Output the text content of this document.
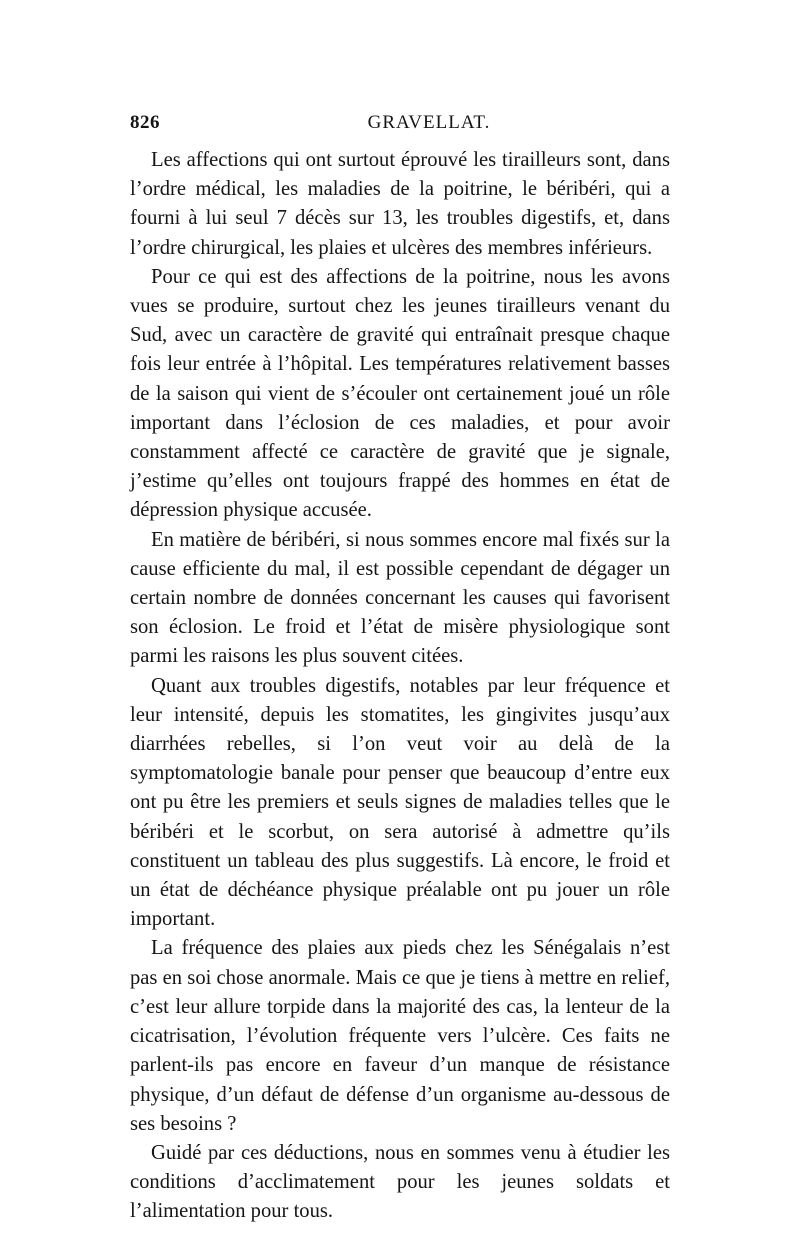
826	GRAVELLAT.

Les affections qui ont surtout éprouvé les tirailleurs sont, dans l’ordre médical, les maladies de la poitrine, le béribéri, qui a fourni à lui seul 7 décès sur 13, les troubles digestifs, et, dans l’ordre chirurgical, les plaies et ulcères des membres inférieurs.

Pour ce qui est des affections de la poitrine, nous les avons vues se produire, surtout chez les jeunes tirailleurs venant du Sud, avec un caractère de gravité qui entraînait presque chaque fois leur entrée à l’hôpital. Les températures relativement basses de la saison qui vient de s’écouler ont certainement joué un rôle important dans l’éclosion de ces maladies, et pour avoir constamment affecté ce caractère de gravité que je signale, j’estime qu’elles ont toujours frappé des hommes en état de dépression physique accusée.

En matière de béribéri, si nous sommes encore mal fixés sur la cause efficiente du mal, il est possible cependant de dégager un certain nombre de données concernant les causes qui favorisent son éclosion. Le froid et l’état de misère physiologique sont parmi les raisons les plus souvent citées.

Quant aux troubles digestifs, notables par leur fréquence et leur intensité, depuis les stomatites, les gingivites jusqu’aux diarrhées rebelles, si l’on veut voir au delà de la symptomatologie banale pour penser que beaucoup d’entre eux ont pu être les premiers et seuls signes de maladies telles que le béribéri et le scorbut, on sera autorisé à admettre qu’ils constituent un tableau des plus suggestifs. Là encore, le froid et un état de déchéance physique préalable ont pu jouer un rôle important.

La fréquence des plaies aux pieds chez les Sénégalais n’est pas en soi chose anormale. Mais ce que je tiens à mettre en relief, c’est leur allure torpide dans la majorité des cas, la lenteur de la cicatrisation, l’évolution fréquente vers l’ulcère. Ces faits ne parlent-ils pas encore en faveur d’un manque de résistance physique, d’un défaut de défense d’un organisme au-dessous de ses besoins ?

Guidé par ces déductions, nous en sommes venu à étudier les conditions d’acclimatement pour les jeunes soldats et l’alimentation pour tous.
